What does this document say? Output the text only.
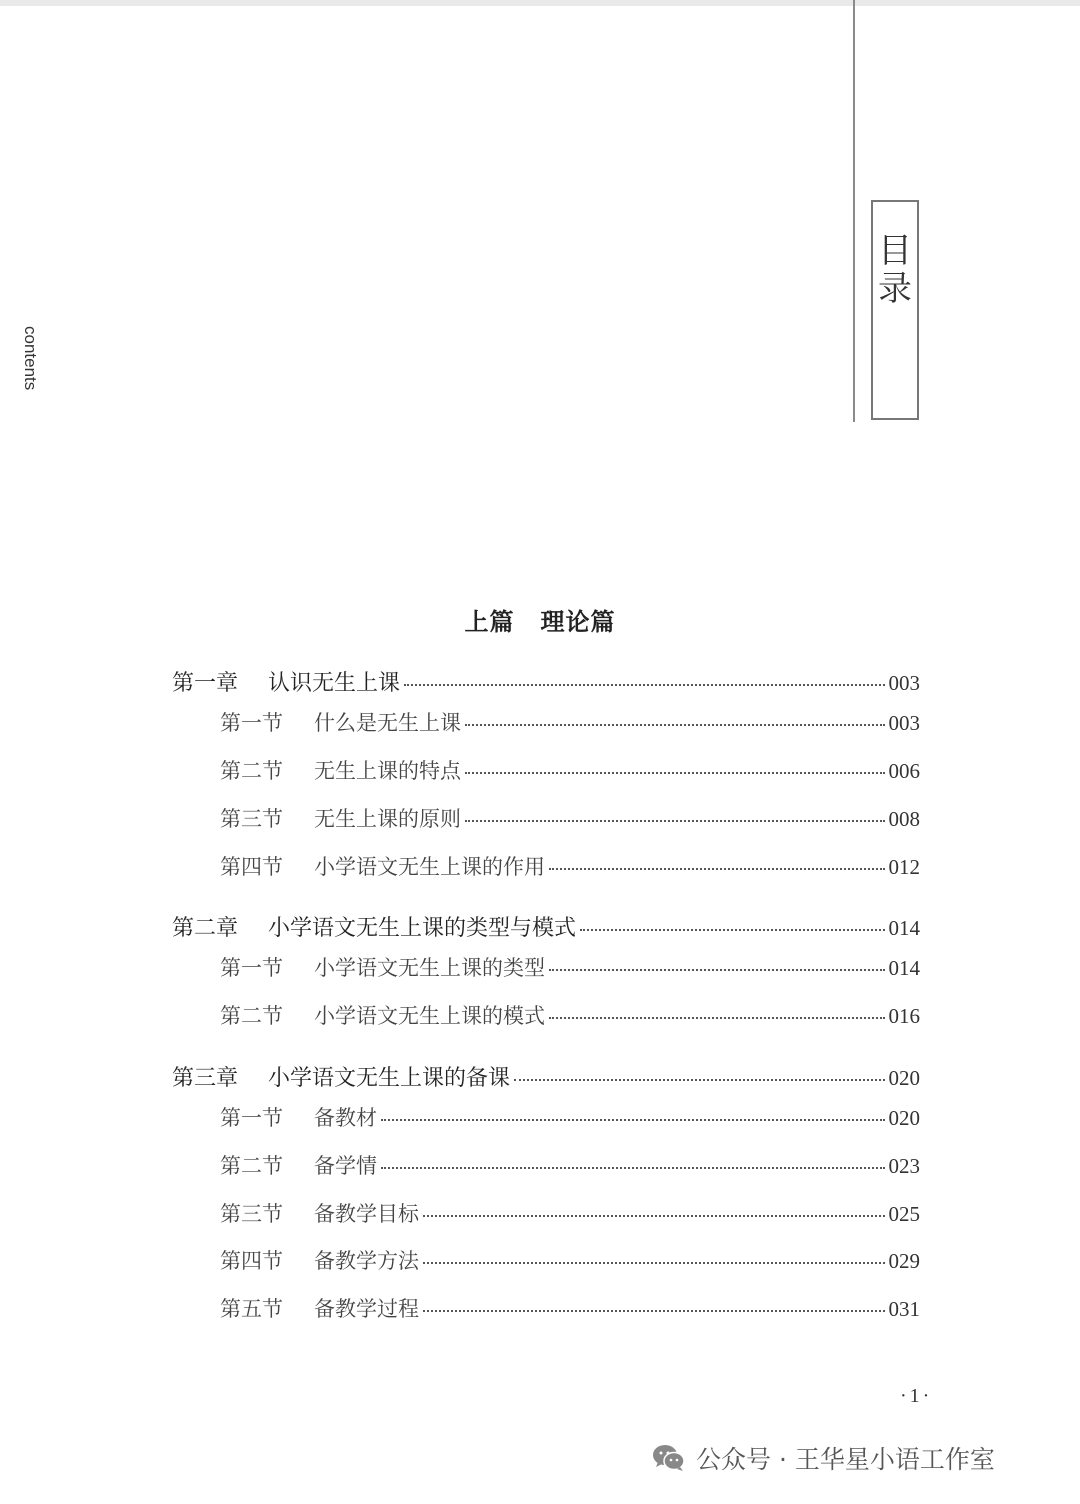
目
录
contents
上篇 理论篇
第一章	认识无生上课	003
第一节	什么是无生上课	003
第二节	无生上课的特点	006
第三节	无生上课的原则	008
第四节	小学语文无生上课的作用	012
第二章	小学语文无生上课的类型与模式	014
第一节	小学语文无生上课的类型	014
第二节	小学语文无生上课的模式	016
第三章	小学语文无生上课的备课	020
第一节	备教材	020
第二节	备学情	023
第三节	备教学目标	025
第四节	备教学方法	029
第五节	备教学过程	031
·1·
公众号 · 王华星小语工作室
